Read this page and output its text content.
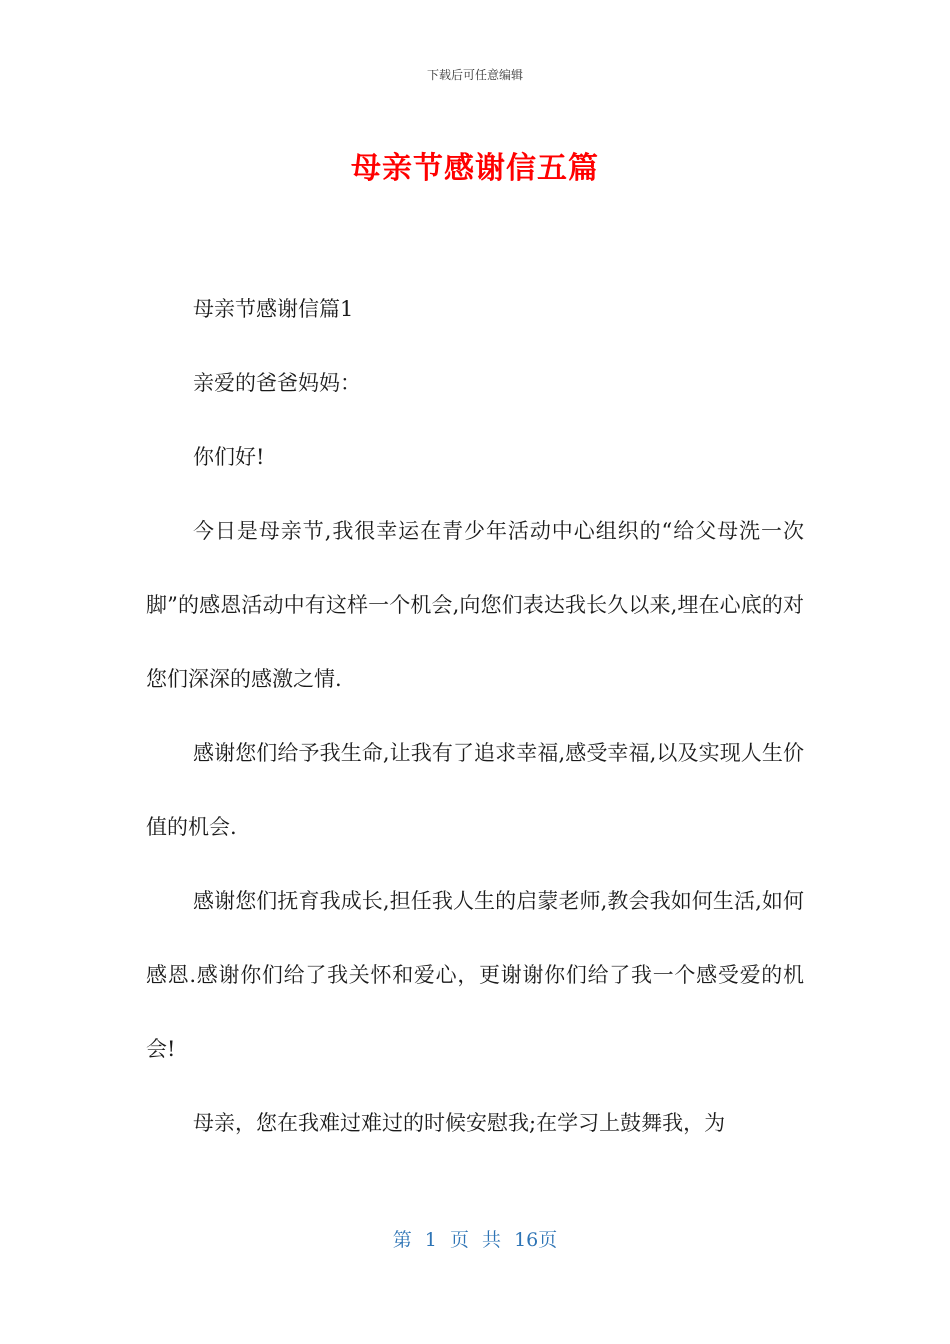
下载后可任意编辑
母亲节感谢信五篇

母亲节感谢信篇1

亲爱的爸爸妈妈：

你们好!

今日是母亲节,我很幸运在青少年活动中心组织的“给父母洗一次脚”的感恩活动中有这样一个机会,向您们表达我长久以来,埋在心底的对您们深深的感激之情.

感谢您们给予我生命,让我有了追求幸福,感受幸福,以及实现人生价值的机会.

感谢您们抚育我成长,担任我人生的启蒙老师,教会我如何生活,如何感恩.感谢你们给了我关怀和爱心，更谢谢你们给了我一个感受爱的机会!

母亲，您在我难过难过的时候安慰我;在学习上鼓舞我，为

第 1 页 共 16页
